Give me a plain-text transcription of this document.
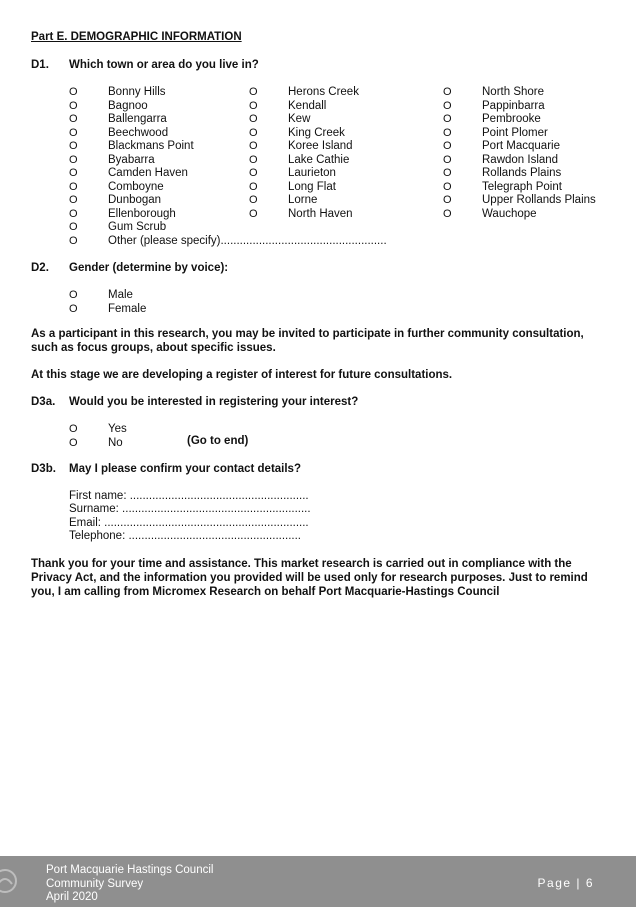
Part E. DEMOGRAPHIC INFORMATION
D1. Which town or area do you live in?
O	Bonny Hills
O	Bagnoo
O	Ballengarra
O	Beechwood
O	Blackmans Point
O	Byabarra
O	Camden Haven
O	Comboyne
O	Dunbogan
O	Ellenborough
O	Gum Scrub
O	Other (please specify)....................................................
O	Herons Creek
O	Kendall
O	Kew
O	King Creek
O	Koree Island
O	Lake Cathie
O	Laurieton
O	Long Flat
O	Lorne
O	North Haven
O	North Shore
O	Pappinbarra
O	Pembrooke
O	Point Plomer
O	Port Macquarie
O	Rawdon Island
O	Rollands Plains
O	Telegraph Point
O	Upper Rollands Plains
O	Wauchope
D2. Gender (determine by voice):
O	Male
O	Female
As a participant in this research, you may be invited to participate in further community consultation, such as focus groups, about specific issues.
At this stage we are developing a register of interest for future consultations.
D3a. Would you be interested in registering your interest?
O	Yes
O	No	(Go to end)
D3b. May I please confirm your contact details?
First name: ........................................................
Surname: ...........................................................
Email: ................................................................
Telephone: ......................................................
Thank you for your time and assistance. This market research is carried out in compliance with the Privacy Act, and the information you provided will be used only for research purposes. Just to remind you, I am calling from Micromex Research on behalf Port Macquarie-Hastings Council
Port Macquarie Hastings Council
Community Survey
April 2020
Page | 6
